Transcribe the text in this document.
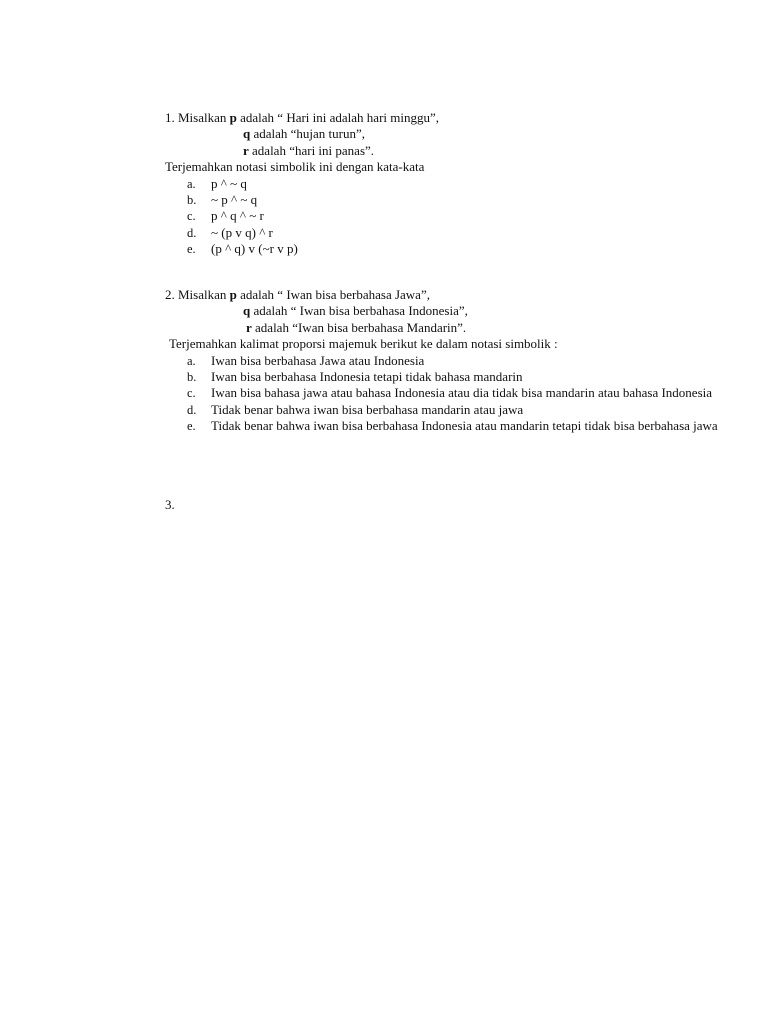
1. Misalkan p adalah “ Hari ini adalah hari minggu”,
q adalah “hujan turun”,
r adalah “hari ini panas”.
Terjemahkan notasi simbolik ini dengan kata-kata
a. p ^ ~ q
b. ~ p ^ ~ q
c. p ^ q ^ ~ r
d. ~ (p v q) ^ r
e. (p ^ q) v (~r v p)
2. Misalkan p adalah “ Iwan bisa berbahasa Jawa”,
q adalah “ Iwan bisa berbahasa Indonesia”,
r adalah “Iwan bisa berbahasa Mandarin”.
Terjemahkan kalimat proporsi majemuk berikut ke dalam notasi simbolik :
a. Iwan bisa berbahasa Jawa atau Indonesia
b. Iwan bisa berbahasa Indonesia tetapi tidak bahasa mandarin
c. Iwan bisa bahasa jawa atau bahasa Indonesia atau dia tidak bisa mandarin atau bahasa Indonesia
d. Tidak benar bahwa iwan bisa berbahasa mandarin atau jawa
e. Tidak benar bahwa iwan bisa berbahasa Indonesia atau mandarin tetapi tidak bisa berbahasa jawa
3.
